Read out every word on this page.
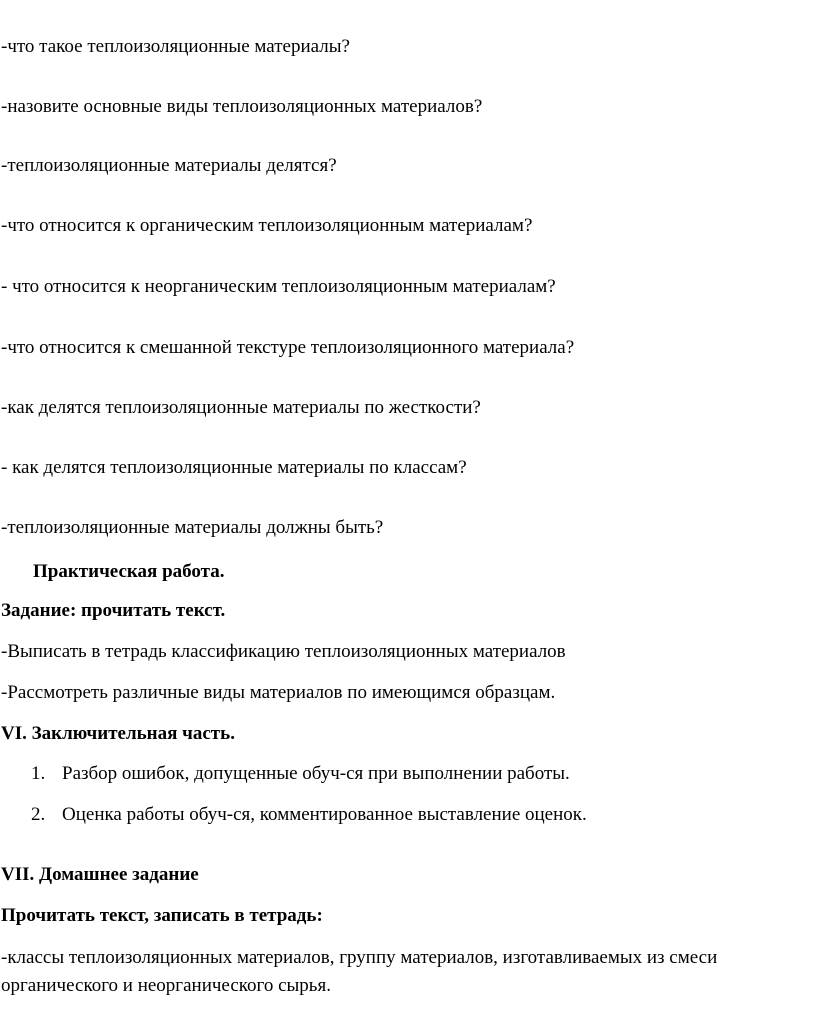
-что такое теплоизоляционные материалы?
-назовите основные виды теплоизоляционных материалов?
-теплоизоляционные материалы делятся?
-что относится к органическим теплоизоляционным материалам?
- что относится к неорганическим теплоизоляционным материалам?
-что относится к смешанной текстуре теплоизоляционного материала?
-как делятся теплоизоляционные материалы по жесткости?
- как делятся теплоизоляционные материалы по классам?
-теплоизоляционные материалы должны быть?
Практическая работа.
Задание: прочитать текст.
-Выписать в тетрадь классификацию теплоизоляционных материалов
-Рассмотреть различные виды материалов по имеющимся образцам.
VI. Заключительная часть.
1. Разбор ошибок, допущенные обуч-ся при выполнении работы.
2. Оценка работы обуч-ся, комментированное выставление оценок.
VII. Домашнее задание
Прочитать текст, записать в тетрадь:
-классы теплоизоляционных материалов, группу материалов, изготавливаемых из смеси органического и неорганического сырья.
